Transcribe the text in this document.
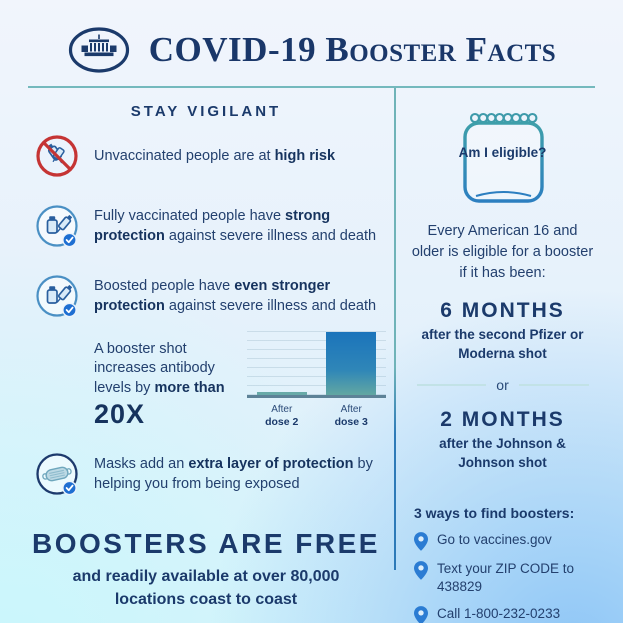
COVID-19 Booster Facts
STAY VIGILANT

Unvaccinated people are at high risk

Fully vaccinated people have strong protection against severe illness and death

Boosted people have even stronger protection against severe illness and death

A booster shot increases antibody levels by more than

20X	After
dose 2
After
dose 3

Masks add an extra layer of protection by helping you from being exposed

BOOSTERS ARE FREE
and readily available at over 80,000 locations coast to coast
Am I eligible?

Every American 16 and older is eligible for a booster if it has been:

6 MONTHS
after the second Pfizer or Moderna shot
or
2 MONTHS
after the Johnson & Johnson shot
3 ways to find boosters:
Go to vaccines.gov
Text your ZIP CODE to 438829
Call 1-800-232-0233
